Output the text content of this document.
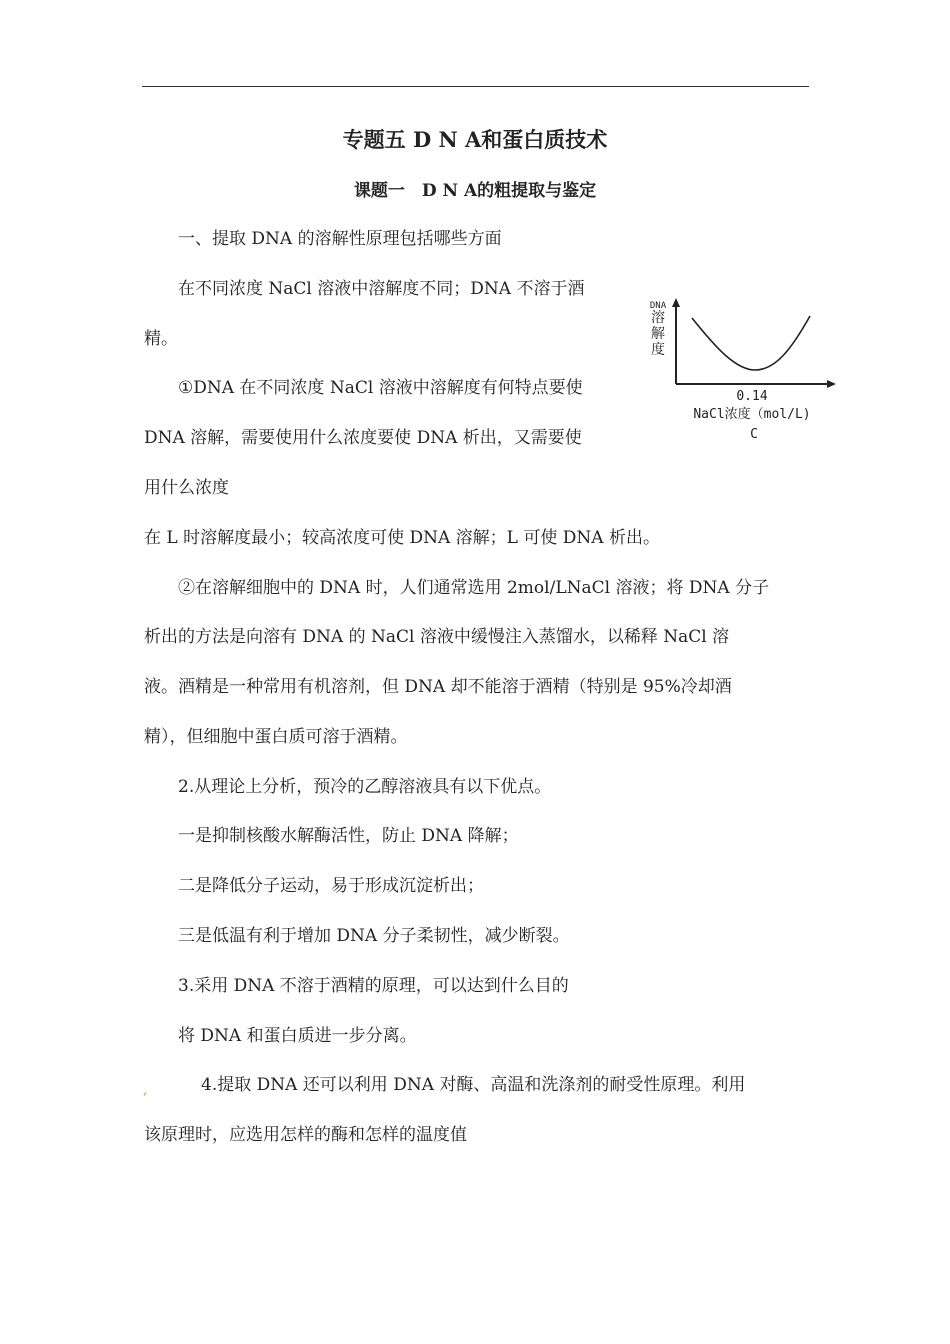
专题五 D N A和蛋白质技术
课题一　D N A的粗提取与鉴定
一、提取 DNA 的溶解性原理包括哪些方面
在不同浓度 NaCl 溶液中溶解度不同；DNA 不溶于酒
精。
①DNA 在不同浓度 NaCl 溶液中溶解度有何特点要使
DNA 溶解，需要使用什么浓度要使 DNA 析出，又需要使
用什么浓度
在 L 时溶解度最小；较高浓度可使 DNA 溶解；L 可使 DNA 析出。
②在溶解细胞中的 DNA 时，人们通常选用 2mol/LNaCl 溶液；将 DNA 分子
析出的方法是向溶有 DNA 的 NaCl 溶液中缓慢注入蒸馏水，以稀释 NaCl 溶
液。酒精是一种常用有机溶剂，但 DNA 却不能溶于酒精（特别是 95%冷却酒
精），但细胞中蛋白质可溶于酒精。
2.从理论上分析，预冷的乙醇溶液具有以下优点。
一是抑制核酸水解酶活性，防止 DNA 降解；
二是降低分子运动，易于形成沉淀析出；
三是低温有利于增加 DNA 分子柔韧性，减少断裂。
3.采用 DNA 不溶于酒精的原理，可以达到什么目的
将 DNA 和蛋白质进一步分离。
4.提取 DNA 还可以利用 DNA 对酶、高温和洗涤剂的耐受性原理。利用
该原理时，应选用怎样的酶和怎样的温度值
,
DNA 溶解度
0.14
NaCl浓度（mol/L)
C
